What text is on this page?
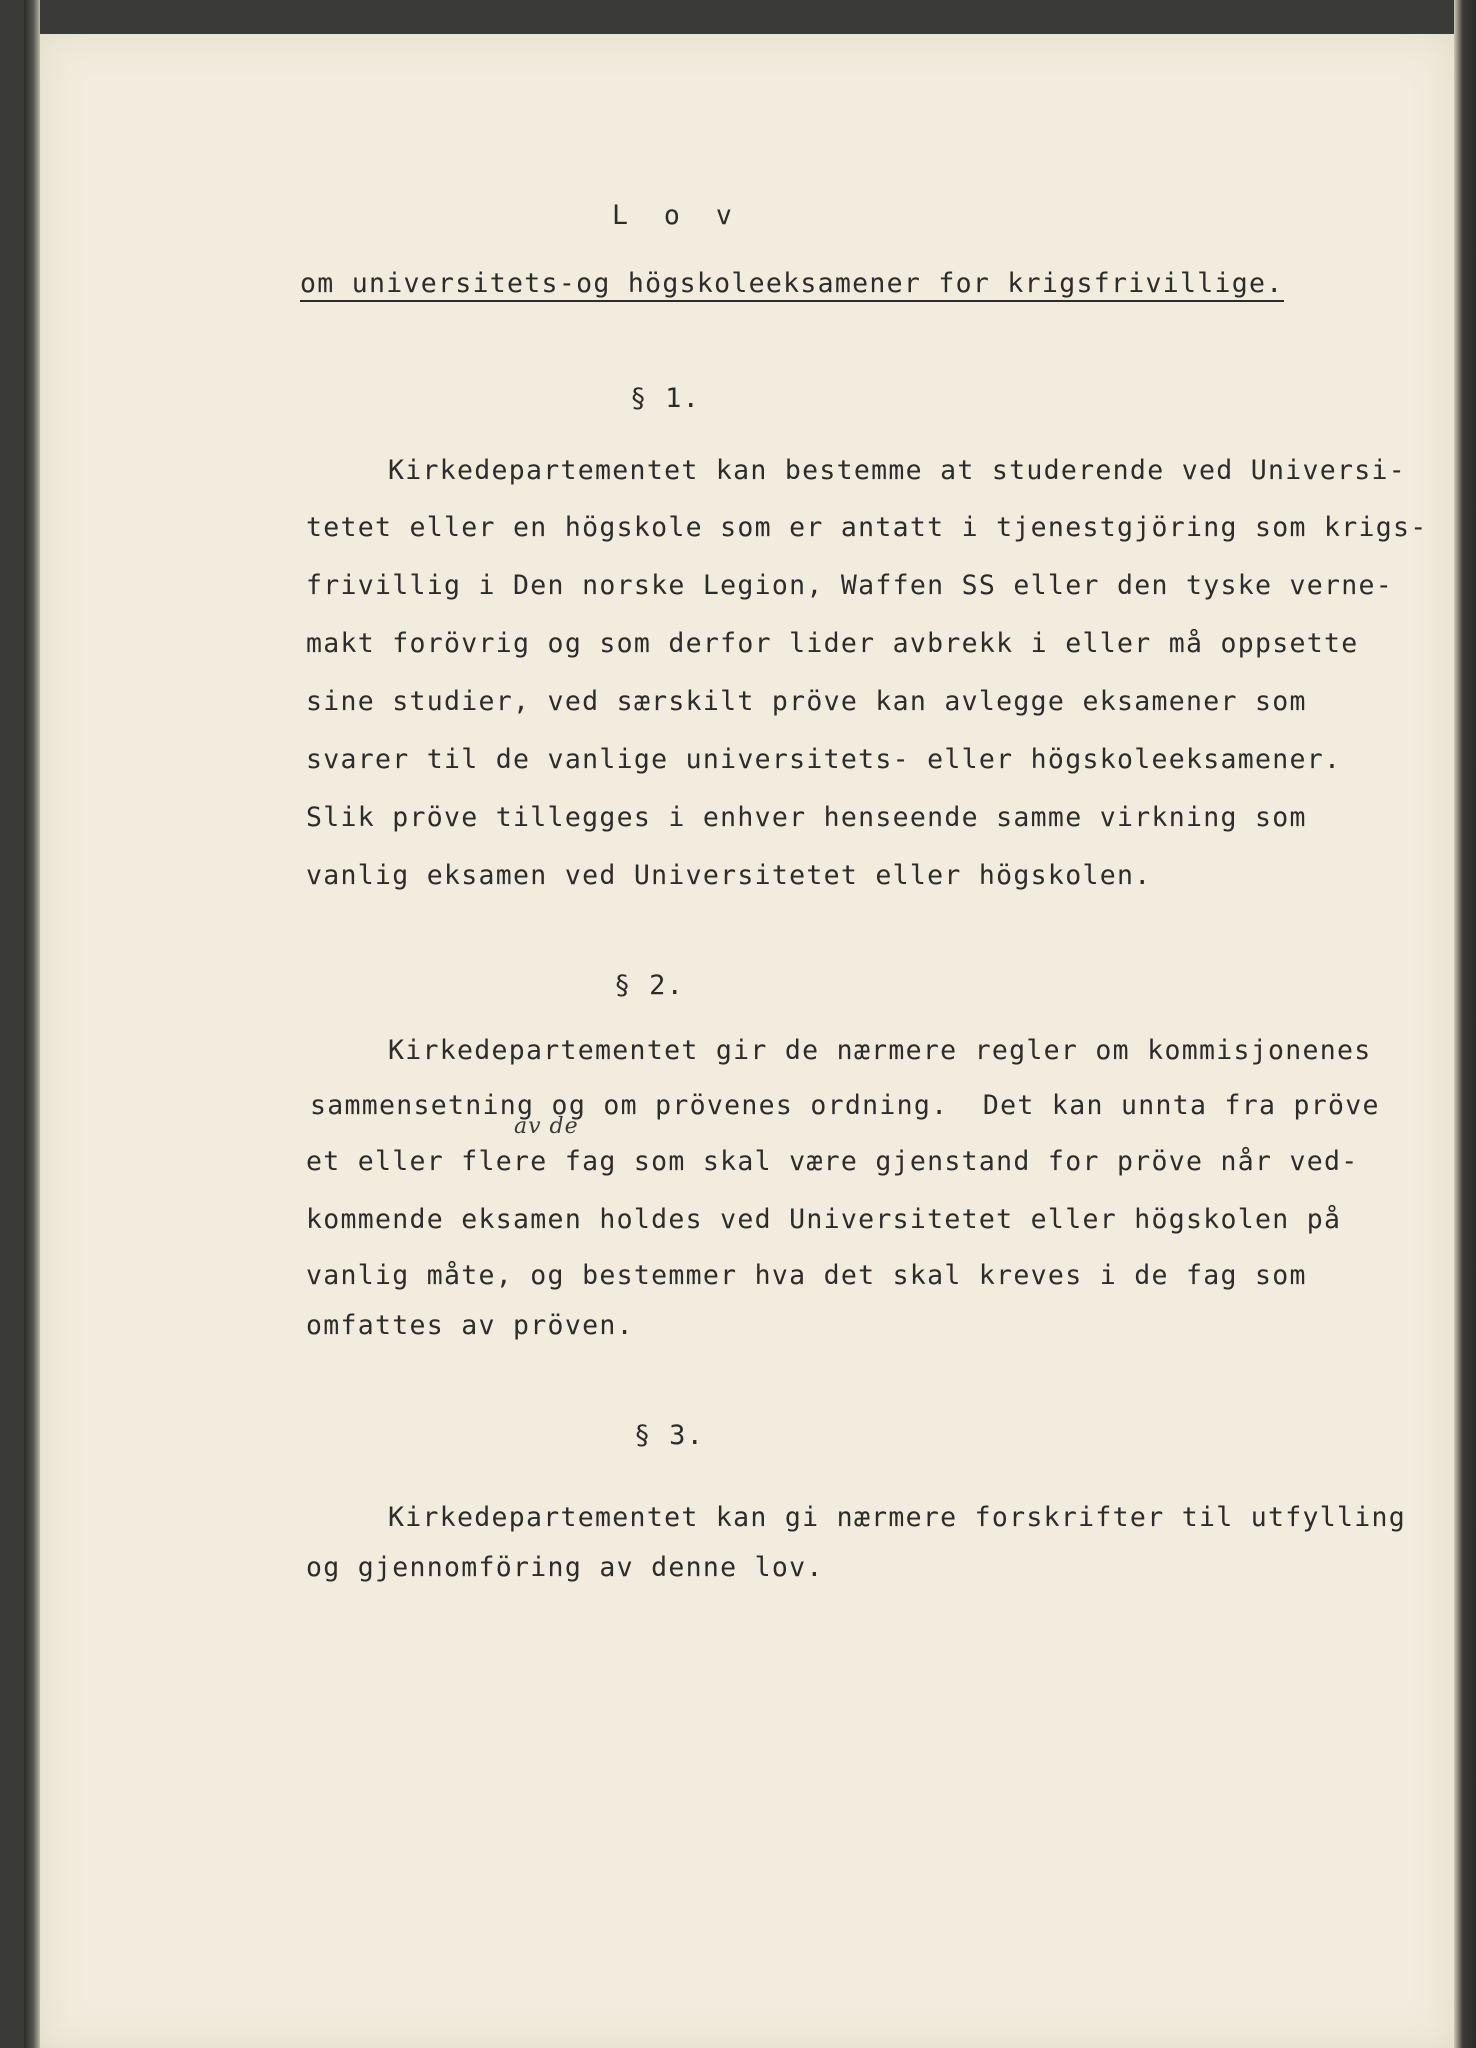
L o v
om universitets-og högskoleeksamener for krigsfrivillige.
§ 1.
Kirkedepartementet kan bestemme at studerende ved Universi-
tetet eller en högskole som er antatt i tjenestgjöring som krigs-
frivillig i Den norske Legion, Waffen SS eller den tyske verne-
makt forövrig og som derfor lider avbrekk i eller må oppsette
sine studier, ved særskilt pröve kan avlegge eksamener som
svarer til de vanlige universitets- eller högskoleeksamener.
Slik pröve tillegges i enhver henseende samme virkning som
vanlig eksamen ved Universitetet eller högskolen.
§ 2.
Kirkedepartementet gir de nærmere regler om kommisjonenes
sammensetning og om prövenes ordning.  Det kan unnta fra pröve
av de
et eller flere fag som skal være gjenstand for pröve når ved-
kommende eksamen holdes ved Universitetet eller högskolen på
vanlig måte, og bestemmer hva det skal kreves i de fag som
omfattes av pröven.
§ 3.
Kirkedepartementet kan gi nærmere forskrifter til utfylling
og gjennomföring av denne lov.
